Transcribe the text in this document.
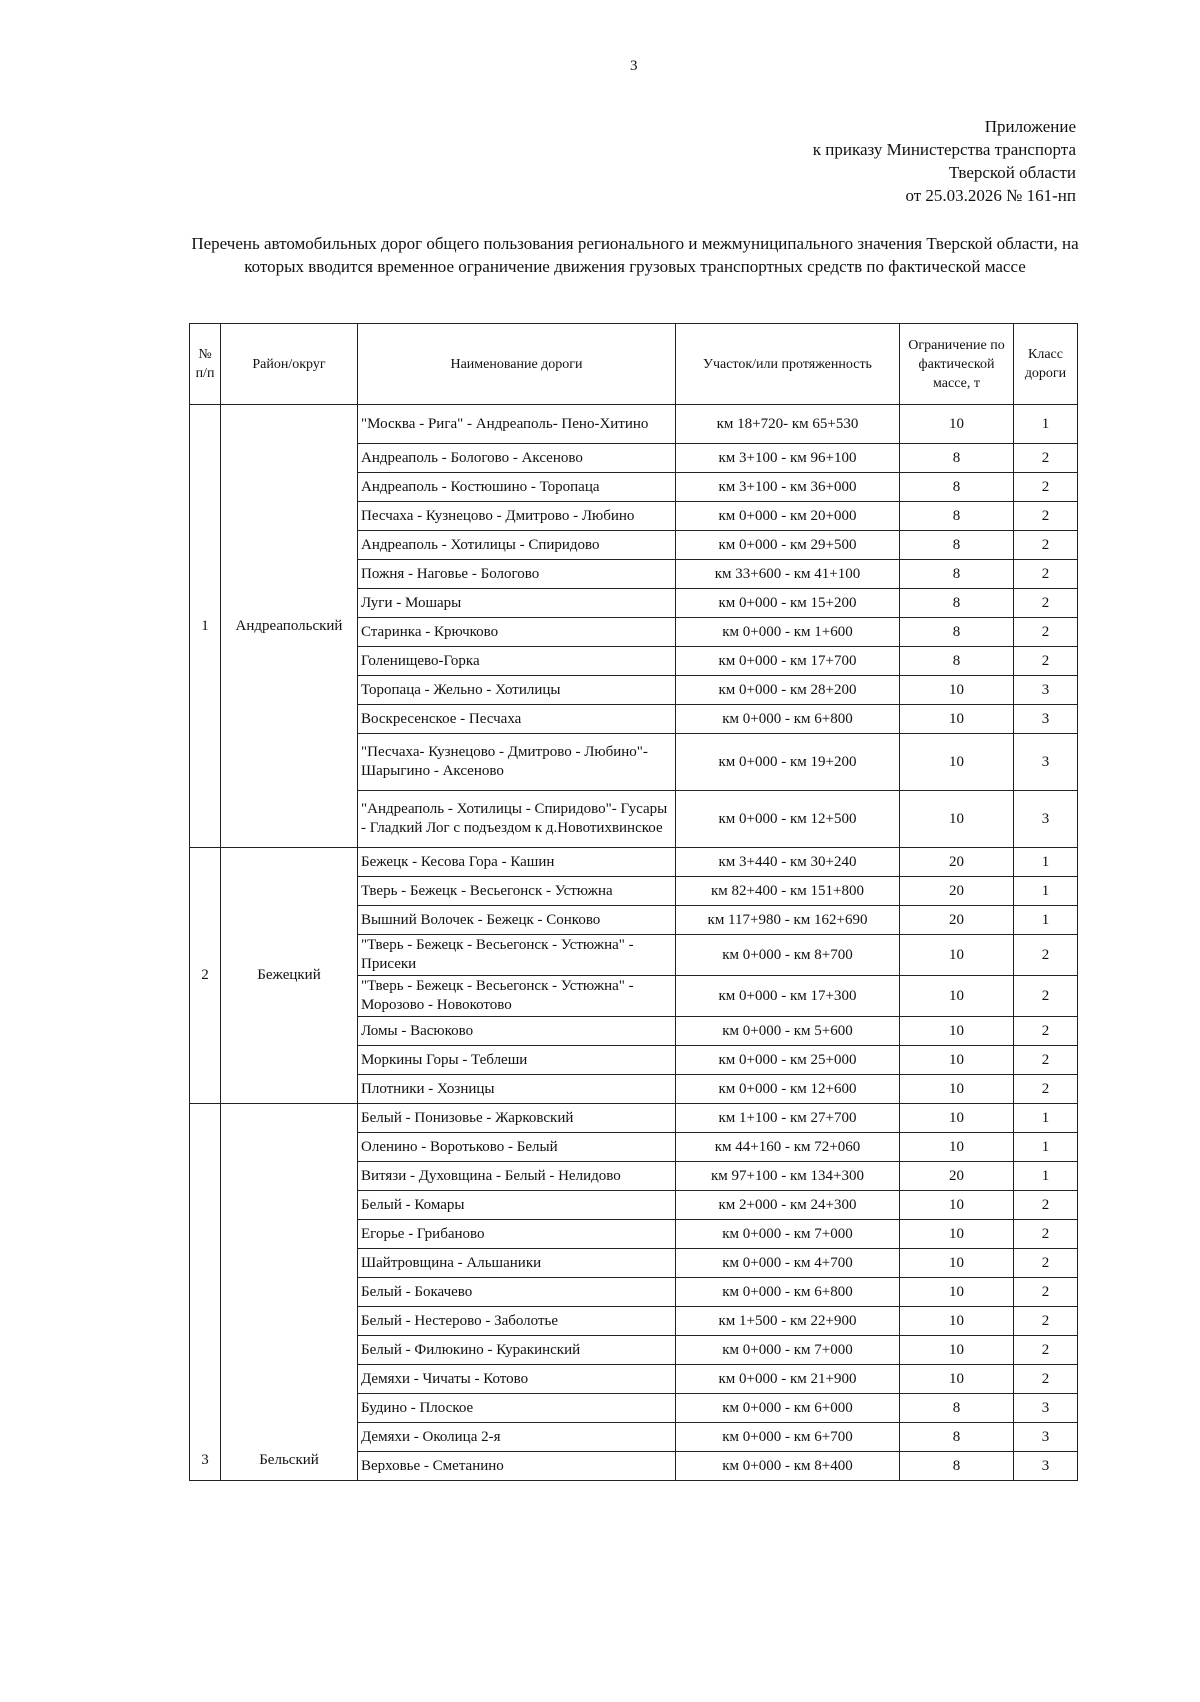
3
Приложение
к приказу Министерства транспорта
Тверской области
от 25.03.2026 № 161-нп
Перечень автомобильных дорог общего пользования регионального и межмуниципального значения Тверской области, на которых вводится временное ограничение движения грузовых транспортных средств по фактической массе
№ п/п	Район/округ	Наименование дороги	Участок/или протяженность	Ограничение по фактической массе, т	Класс дороги
1	Андреапольский	"Москва - Рига" - Андреаполь- Пено-Хитино	км 18+720- км 65+530	10	1
		Андреаполь - Бологово - Аксеново	км 3+100 - км 96+100	8	2
		Андреаполь - Костюшино - Торопаца	км 3+100 - км 36+000	8	2
		Песчаха - Кузнецово - Дмитрово - Любино	км 0+000 - км 20+000	8	2
		Андреаполь - Хотилицы - Спиридово	км 0+000 - км 29+500	8	2
		Пожня - Наговье - Бологово	км 33+600 - км 41+100	8	2
		Луги - Мошары	км 0+000 - км 15+200	8	2
		Старинка - Крючково	км 0+000 - км 1+600	8	2
		Голенищево-Горка	км 0+000 - км 17+700	8	2
		Торопаца - Жельно - Хотилицы	км 0+000 - км 28+200	10	3
		Воскресенское - Песчаха	км 0+000 - км 6+800	10	3
		"Песчаха- Кузнецово - Дмитрово - Любино"- Шарыгино - Аксеново	км 0+000 - км 19+200	10	3
		"Андреаполь - Хотилицы - Спиридово"- Гусары - Гладкий Лог с подъездом к д.Новотихвинское	км 0+000 - км 12+500	10	3
2	Бежецкий	Бежецк - Кесова Гора - Кашин	км 3+440 - км 30+240	20	1
		Тверь - Бежецк - Весьегонск - Устюжна	км 82+400 - км 151+800	20	1
		Вышний Волочек - Бежецк - Сонково	км 117+980 - км 162+690	20	1
		"Тверь - Бежецк - Весьегонск - Устюжна" - Присеки	км 0+000 - км 8+700	10	2
		"Тверь - Бежецк - Весьегонск - Устюжна" - Морозово - Новокотово	км 0+000 - км 17+300	10	2
		Ломы - Васюково	км 0+000 - км 5+600	10	2
		Моркины Горы - Теблеши	км 0+000 - км 25+000	10	2
		Плотники - Хозницы	км 0+000 - км 12+600	10	2
3	Бельский	Белый - Понизовье - Жарковский	км 1+100 - км 27+700	10	1
		Оленино - Воротьково - Белый	км 44+160 - км 72+060	10	1
		Витязи - Духовщина - Белый - Нелидово	км 97+100 - км 134+300	20	1
		Белый - Комары	км 2+000 - км 24+300	10	2
		Егорье - Грибаново	км 0+000 - км 7+000	10	2
		Шайтровщина - Альшаники	км 0+000 - км 4+700	10	2
		Белый - Бокачево	км 0+000 - км 6+800	10	2
		Белый - Нестерово - Заболотье	км 1+500 - км 22+900	10	2
		Белый - Филюкино - Куракинский	км 0+000 - км 7+000	10	2
		Демяхи - Чичаты - Котово	км 0+000 - км 21+900	10	2
		Будино - Плоское	км 0+000 - км 6+000	8	3
		Демяхи - Околица 2-я	км 0+000 - км 6+700	8	3
		Верховье - Сметанино	км 0+000 - км 8+400	8	3
